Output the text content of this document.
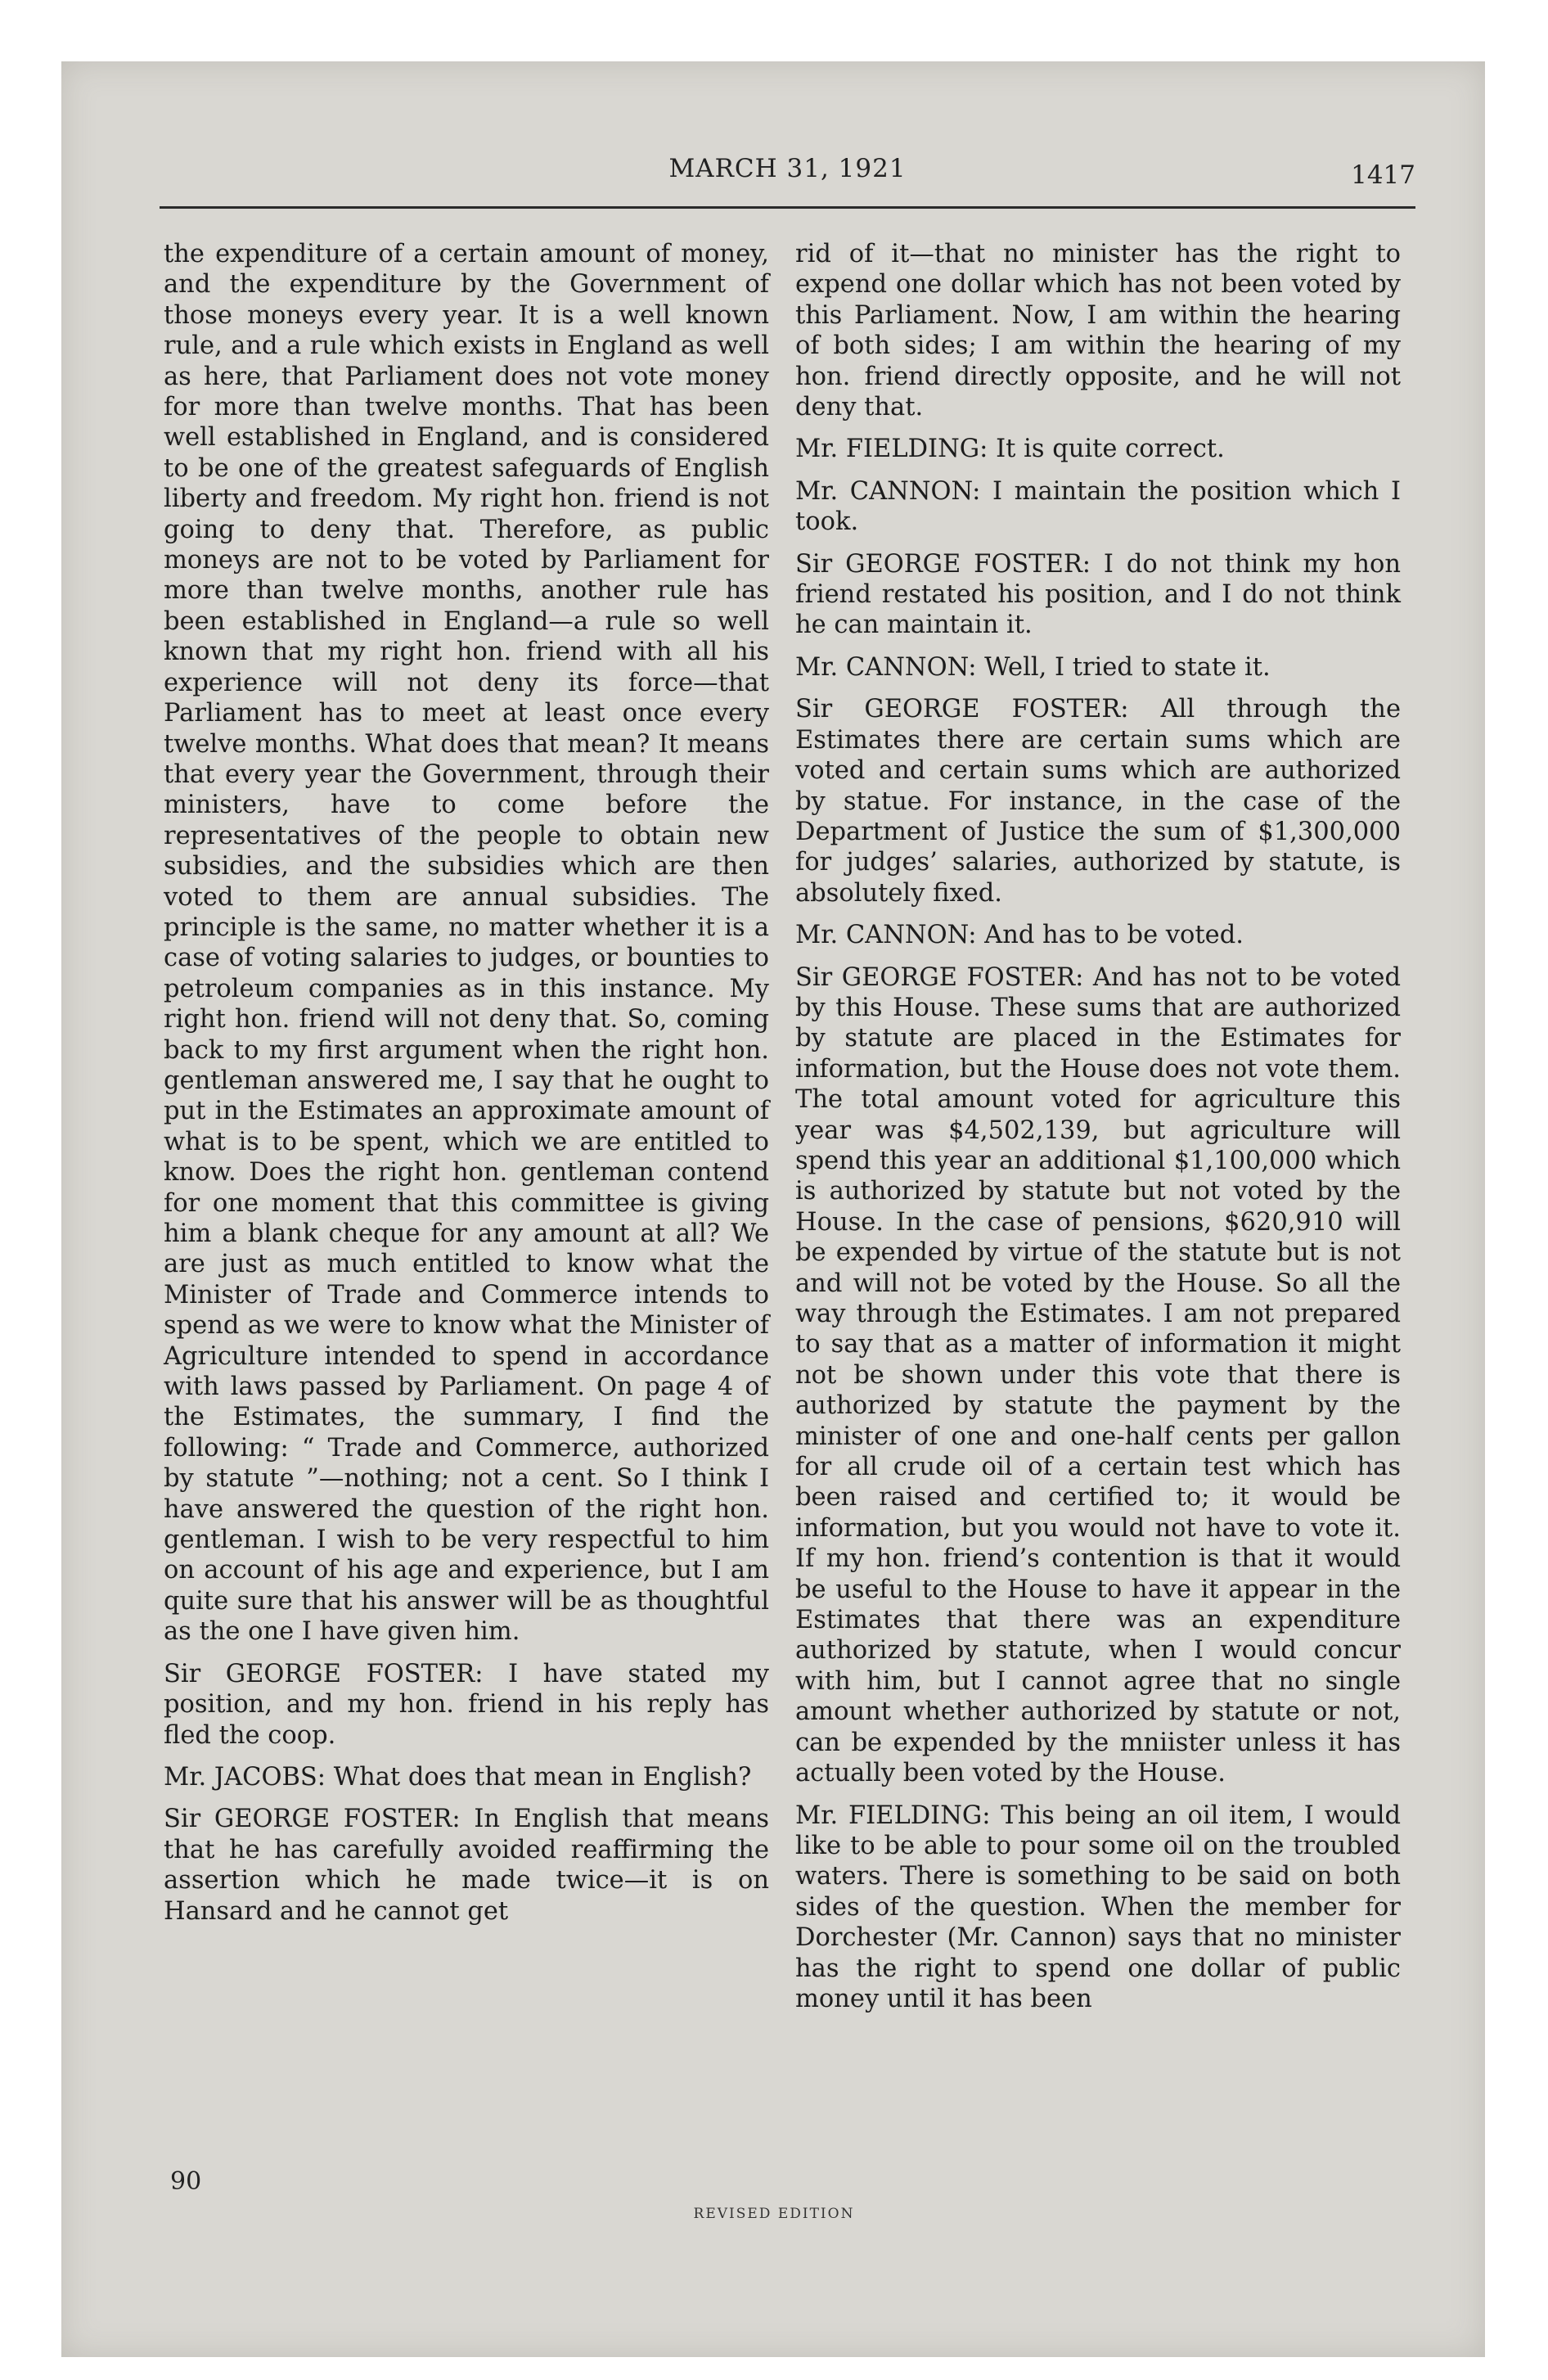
MARCH 31, 1921	1417

the expenditure of a certain amount of money, and the expenditure by the Government of those moneys every year. It is a well known rule, and a rule which exists in England as well as here, that Parliament does not vote money for more than twelve months. That has been well established in England, and is considered to be one of the greatest safeguards of English liberty and freedom. My right hon. friend is not going to deny that. Therefore, as public moneys are not to be voted by Parliament for more than twelve months, another rule has been established in England—a rule so well known that my right hon. friend with all his experience will not deny its force—that Parliament has to meet at least once every twelve months. What does that mean? It means that every year the Government, through their ministers, have to come before the representatives of the people to obtain new subsidies, and the subsidies which are then voted to them are annual subsidies. The principle is the same, no matter whether it is a case of voting salaries to judges, or bounties to petroleum companies as in this instance. My right hon. friend will not deny that. So, coming back to my first argument when the right hon. gentleman answered me, I say that he ought to put in the Estimates an approximate amount of what is to be spent, which we are entitled to know. Does the right hon. gentleman contend for one moment that this committee is giving him a blank cheque for any amount at all? We are just as much entitled to know what the Minister of Trade and Commerce intends to spend as we were to know what the Minister of Agriculture intended to spend in accordance with laws passed by Parliament. On page 4 of the Estimates, the summary, I find the following: “ Trade and Commerce, authorized by statute ”—nothing; not a cent. So I think I have answered the question of the right hon. gentleman. I wish to be very respectful to him on account of his age and experience, but I am quite sure that his answer will be as thoughtful as the one I have given him.

Sir GEORGE FOSTER: I have stated my position, and my hon. friend in his reply has fled the coop.

Mr. JACOBS: What does that mean in English?

Sir GEORGE FOSTER: In English that means that he has carefully avoided reaffirming the assertion which he made twice—it is on Hansard and he cannot get

rid of it—that no minister has the right to expend one dollar which has not been voted by this Parliament. Now, I am within the hearing of both sides; I am within the hearing of my hon. friend directly opposite, and he will not deny that.

Mr. FIELDING: It is quite correct.

Mr. CANNON: I maintain the position which I took.

Sir GEORGE FOSTER: I do not think my hon friend restated his position, and I do not think he can maintain it.

Mr. CANNON: Well, I tried to state it.

Sir GEORGE FOSTER: All through the Estimates there are certain sums which are voted and certain sums which are authorized by statue. For instance, in the case of the Department of Justice the sum of $1,300,000 for judges’ salaries, authorized by statute, is absolutely fixed.

Mr. CANNON: And has to be voted.

Sir GEORGE FOSTER: And has not to be voted by this House. These sums that are authorized by statute are placed in the Estimates for information, but the House does not vote them. The total amount voted for agriculture this year was $4,502,139, but agriculture will spend this year an additional $1,100,000 which is authorized by statute but not voted by the House. In the case of pensions, $620,910 will be expended by virtue of the statute but is not and will not be voted by the House. So all the way through the Estimates. I am not prepared to say that as a matter of information it might not be shown under this vote that there is authorized by statute the payment by the minister of one and one-half cents per gallon for all crude oil of a certain test which has been raised and certified to; it would be information, but you would not have to vote it. If my hon. friend’s contention is that it would be useful to the House to have it appear in the Estimates that there was an expenditure authorized by statute, when I would concur with him, but I cannot agree that no single amount whether authorized by statute or not, can be expended by the mniister unless it has actually been voted by the House.

Mr. FIELDING: This being an oil item, I would like to be able to pour some oil on the troubled waters. There is something to be said on both sides of the question. When the member for Dorchester (Mr. Cannon) says that no minister has the right to spend one dollar of public money until it has been

90
REVISED EDITION
